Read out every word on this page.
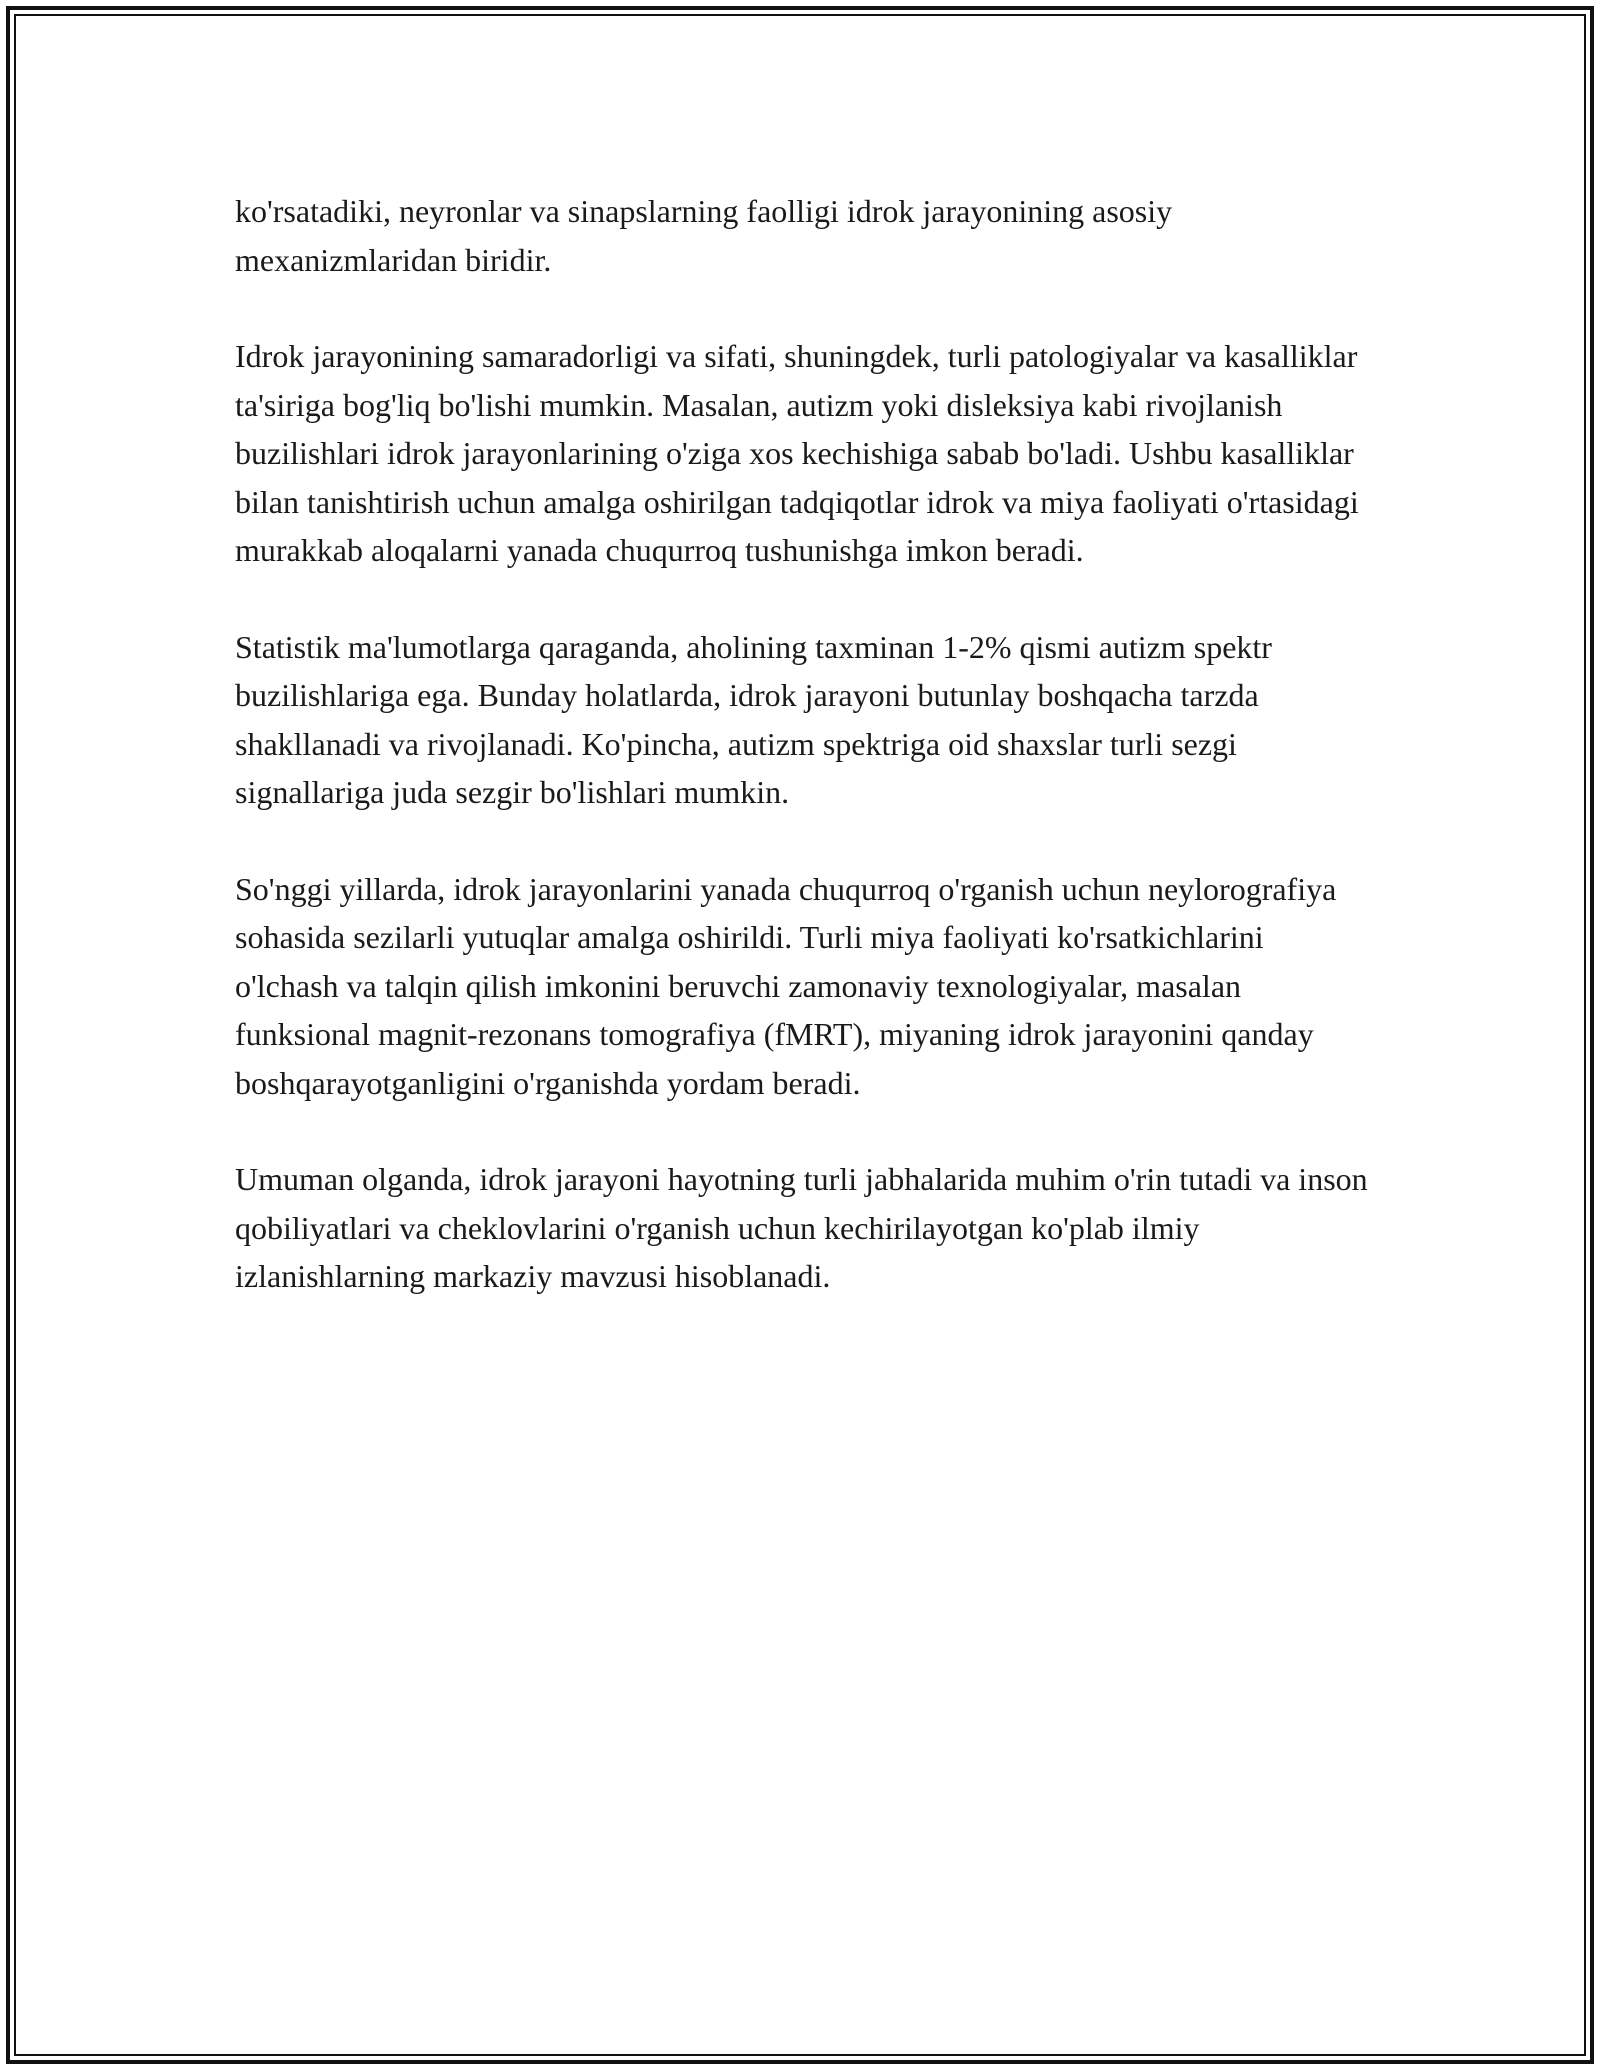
ko'rsatadiki, neyronlar va sinapslarning faolligi idrok jarayonining asosiy mexanizmlaridan biridir.

Idrok jarayonining samaradorligi va sifati, shuningdek, turli patologiyalar va kasalliklar ta'siriga bog'liq bo'lishi mumkin. Masalan, autizm yoki disleksiya kabi rivojlanish buzilishlari idrok jarayonlarining o'ziga xos kechishiga sabab bo'ladi. Ushbu kasalliklar bilan tanishtirish uchun amalga oshirilgan tadqiqotlar idrok va miya faoliyati o'rtasidagi murakkab aloqalarni yanada chuqurroq tushunishga imkon beradi.

Statistik ma'lumotlarga qaraganda, aholining taxminan 1-2% qismi autizm spektr buzilishlariga ega. Bunday holatlarda, idrok jarayoni butunlay boshqacha tarzda shakllanadi va rivojlanadi. Ko'pincha, autizm spektriga oid shaxslar turli sezgi signallariga juda sezgir bo'lishlari mumkin.

So'nggi yillarda, idrok jarayonlarini yanada chuqurroq o'rganish uchun neylorografiya sohasida sezilarli yutuqlar amalga oshirildi. Turli miya faoliyati ko'rsatkichlarini o'lchash va talqin qilish imkonini beruvchi zamonaviy texnologiyalar, masalan funksional magnit-rezonans tomografiya (fMRT), miyaning idrok jarayonini qanday boshqarayotganligini o'rganishda yordam beradi.

Umuman olganda, idrok jarayoni hayotning turli jabhalarida muhim o'rin tutadi va inson qobiliyatlari va cheklovlarini o'rganish uchun kechirilayotgan ko'plab ilmiy izlanishlarning markaziy mavzusi hisoblanadi.
